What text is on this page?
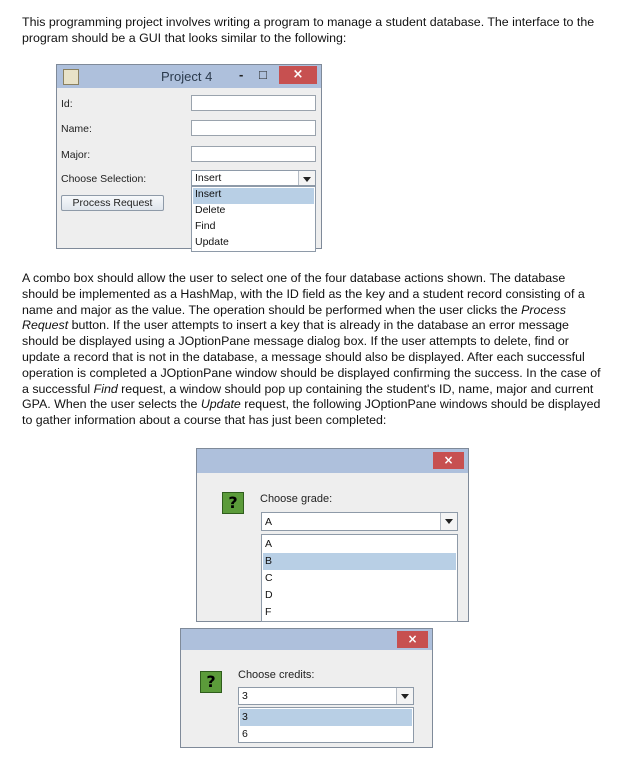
This programming project involves writing a program to manage a student database. The interface to the program should be a GUI that looks similar to the following:

Project 4 - □	×
Id:
Name:
Major:
Choose Selection:	Insert
Process Request
Insert
Delete
Find
Update

A combo box should allow the user to select one of the four database actions shown. The database should be implemented as a HashMap, with the ID field as the key and a student record consisting of a name and major as the value. The operation should be performed when the user clicks the Process Request button. If the user attempts to insert a key that is already in the database an error message should be displayed using a JOptionPane message dialog box. If the user attempts to delete, find or update a record that is not in the database, a message should also be displayed. After each successful operation is completed a JOptionPane window should be displayed confirming the success. In the case of a successful Find request, a window should pop up containing the student's ID, name, major and current GPA. When the user selects the Update request, the following JOptionPane windows should be displayed to gather information about a course that has just been completed:

×
?	Choose grade:
A
A
B
C
D
F
×
?	Choose credits:
3
3
6
